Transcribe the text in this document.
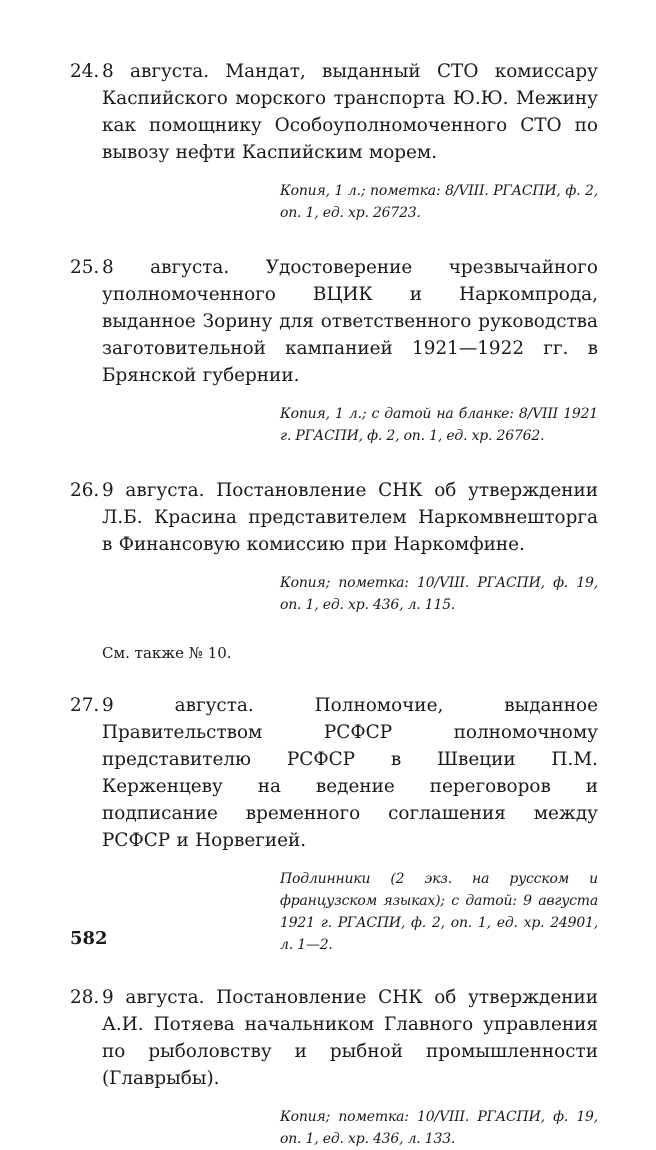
24. 8 августа. Мандат, выданный СТО комиссару Каспийского морского транспорта Ю.Ю. Межину как помощнику Особоуполномоченного СТО по вывозу нефти Каспийским морем.
Копия, 1 л.; пометка: 8/VIII. РГАСПИ, ф. 2, оп. 1, ед. хр. 26723.
25. 8 августа. Удостоверение чрезвычайного уполномоченного ВЦИК и Наркомпрода, выданное Зорину для ответственного руководства заготовительной кампанией 1921—1922 гг. в Брянской губернии.
Копия, 1 л.; с датой на бланке: 8/VIII 1921 г. РГАСПИ, ф. 2, оп. 1, ед. хр. 26762.
26. 9 августа. Постановление СНК об утверждении Л.Б. Красина представителем Наркомвнешторга в Финансовую комиссию при Наркомфине.
Копия; пометка: 10/VIII. РГАСПИ, ф. 19, оп. 1, ед. хр. 436, л. 115.
См. также № 10.
27. 9 августа. Полномочие, выданное Правительством РСФСР полномочному представителю РСФСР в Швеции П.М. Керженцеву на ведение переговоров и подписание временного соглашения между РСФСР и Норвегией.
Подлинники (2 экз. на русском и французском языках); с датой: 9 августа 1921 г. РГАСПИ, ф. 2, оп. 1, ед. хр. 24901, л. 1—2.
28. 9 августа. Постановление СНК об утверждении А.И. Потяева начальником Главного управления по рыболовству и рыбной промышленности (Главрыбы).
Копия; пометка: 10/VIII. РГАСПИ, ф. 19, оп. 1, ед. хр. 436, л. 133.
582
